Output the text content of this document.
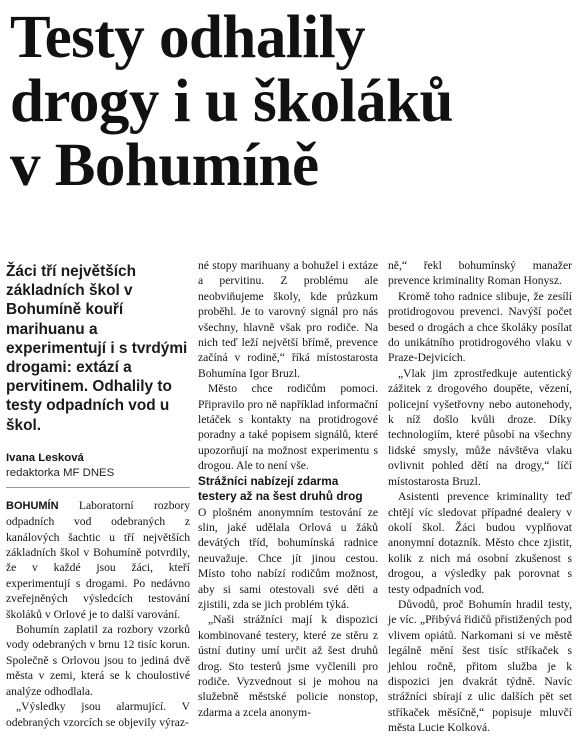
Testy odhalily
drogy i u školáků
v Bohumíně
Žáci tří největších základních škol v Bohumíně kouří marihuanu a experimentují i s tvrdými drogami: extází a pervitinem. Odhalily to testy odpadních vod u škol.
Ivana Lesková
redaktorka MF DNES

BOHUMÍN Laboratorní rozbory odpadních vod odebraných z kanálových šachtic u tří největších základních škol v Bohumíně potvrdily, že v každé jsou žáci, kteří experimentují s drogami. Po nedávno zveřejněných výsledcích testování školáků v Orlové je to další varování.

Bohumín zaplatil za rozbory vzorků vody odebraných v brnu 12 tisíc korun. Společně s Orlovou jsou to jediná dvě města v zemi, která se k choulostivé analýze odhodlala.

„Výsledky jsou alarmující. V odebraných vzorcích se objevily výraz-

né stopy marihuany a bohužel i extáze a pervitinu. Z problému ale neobviňujeme školy, kde průzkum proběhl. Je to varovný signál pro nás všechny, hlavně však pro rodiče. Na nich teď leží největší břímě, prevence začíná v rodině,“ říká místostarosta Bohumína Igor Bruzl.

Město chce rodičům pomoci. Připravilo pro ně například informační letáček s kontakty na protidrogové poradny a také popisem signálů, které upozorňují na možnost experimentu s drogou. Ale to není vše.

Strážníci nabízejí zdarma testery až na šest druhů drog

O plošném anonymním testování ze slin, jaké udělala Orlová u žáků devátých tříd, bohumínská radnice neuvažuje. Chce jít jinou cestou. Místo toho nabízí rodičům možnost, aby si sami otestovali své děti a zjistili, zda se jich problém týká.

„Naši strážníci mají k dispozici kombinované testery, které ze stěru z ústní dutiny umí určit až šest druhů drog. Sto testerů jsme vyčlenili pro rodiče. Vyzvednout si je mohou na služebně městské policie nonstop, zdarma a zcela anonym-

ně,“ řekl bohumínský manažer prevence kriminality Roman Honysz.

Kromě toho radnice slibuje, že zesílí protidrogovou prevenci. Navýší počet besed o drogách a chce školáky posílat do unikátního protidrogového vlaku v Praze-Dejvicích.

„Vlak jim zprostředkuje autentický zážitek z drogového doupěte, vězení, policejní vyšetřovny nebo autonehody, k níž došlo kvůli droze. Díky technologiím, které působí na všechny lidské smysly, může návštěva vlaku ovlivnit pohled dětí na drogy,“ líčí místostarosta Bruzl.

Asistenti prevence kriminality teď chtějí víc sledovat případné dealery v okolí škol. Žáci budou vyplňovat anonymní dotazník. Město chce zjistit, kolik z nich má osobní zkušenost s drogou, a výsledky pak porovnat s testy odpadních vod.

Důvodů, proč Bohumín hradil testy, je víc. „Přibývá řidičů přistižených pod vlivem opiátů. Narkomani si ve městě legálně mění šest tisíc stříkaček s jehlou ročně, přitom služba je k dispozici jen dvakrát týdně. Navíc strážníci sbírají z ulic dalších pět set stříkaček měsíčně,“ popisuje mluvčí města Lucie Kolková.
